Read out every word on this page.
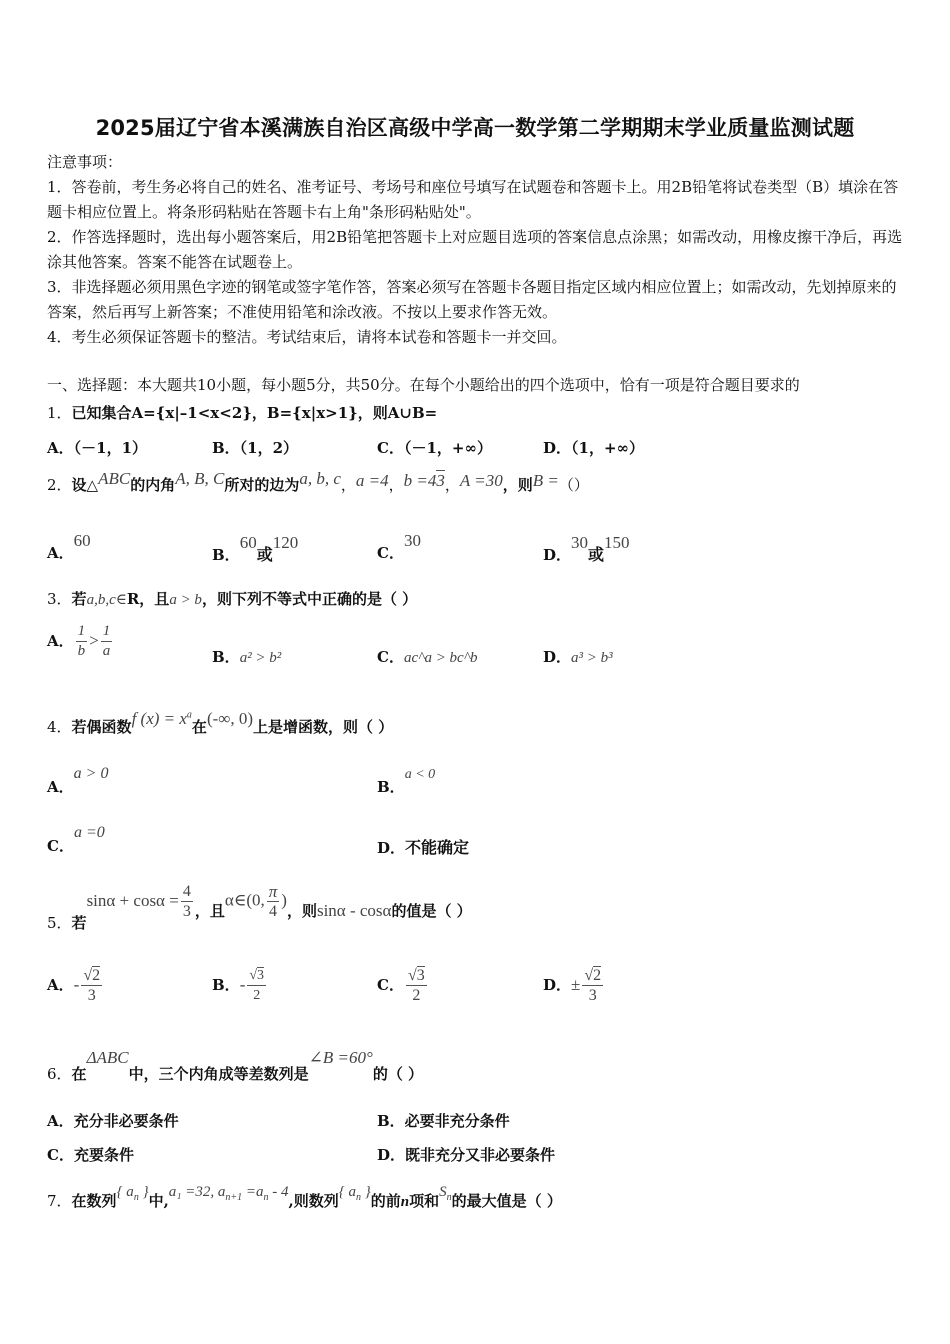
2025届辽宁省本溪满族自治区高级中学高一数学第二学期期末学业质量监测试题
注意事项：
1．答卷前，考生务必将自己的姓名、准考证号、考场号和座位号填写在试题卷和答题卡上。用2B铅笔将试卷类型（B）填涂在答题卡相应位置上。将条形码粘贴在答题卡右上角"条形码粘贴处"。
2．作答选择题时，选出每小题答案后，用2B铅笔把答题卡上对应题目选项的答案信息点涂黑；如需改动，用橡皮擦干净后，再选涂其他答案。答案不能答在试题卷上。
3．非选择题必须用黑色字迹的钢笔或签字笔作答，答案必须写在答题卡各题目指定区域内相应位置上；如需改动，先划掉原来的答案，然后再写上新答案；不准使用铅笔和涂改液。不按以上要求作答无效。
4．考生必须保证答题卡的整洁。考试结束后，请将本试卷和答题卡一并交回。
一、选择题：本大题共10小题，每小题5分，共50分。在每个小题给出的四个选项中，恰有一项是符合题目要求的
1．已知集合A={x|–1<x<2}，B={x|x>1}，则A∪B=
A．（－1，1）	B．（1，2）	C．（－1，+∞）	D．（1，+∞）
2．设△ABC的内角A, B, C所对的边为a, b, c，a =4，b =43，A =30，则B =（）
A．60
B．60或120
C．30
D．30或150
3．若a,b,c∈R，且a > b，则下列不等式中正确的是（ ）
A． $\frac{1}{b} > \frac{1}{a}$	B．a² > b²	C．ac^a > bc^b	D．a³ > b³
4．若偶函数f $(x) = x^a$在(-∞, 0)上是增函数，则（ ）
A．a > 0
B．a < 0
C．a =0
D．不能确定
5．若$\sin\alpha + \cos\alpha = \frac{4}{3}$ ，且α∈(0, $\frac{\pi}{4}$ )，则sinα - cosα的值是（ ）
A．- $\frac{√2}{3}$	B．- $\frac{√3}{2}$	C． $\frac{√3}{2}$	D．± $\frac{√2}{3}$
6．在ΔABC中，三个内角成等差数列是∠B =60°的（ ）
A．充分非必要条件	B．必要非充分条件
C．充要条件	D．既非充分又非必要条件
7．在数列{ $a_n$ }中,a₁ =32, $a_{n+1} =a_n - 4$,则数列{ $a_n$ }的前n项和$S_n$的最大值是（ ）
